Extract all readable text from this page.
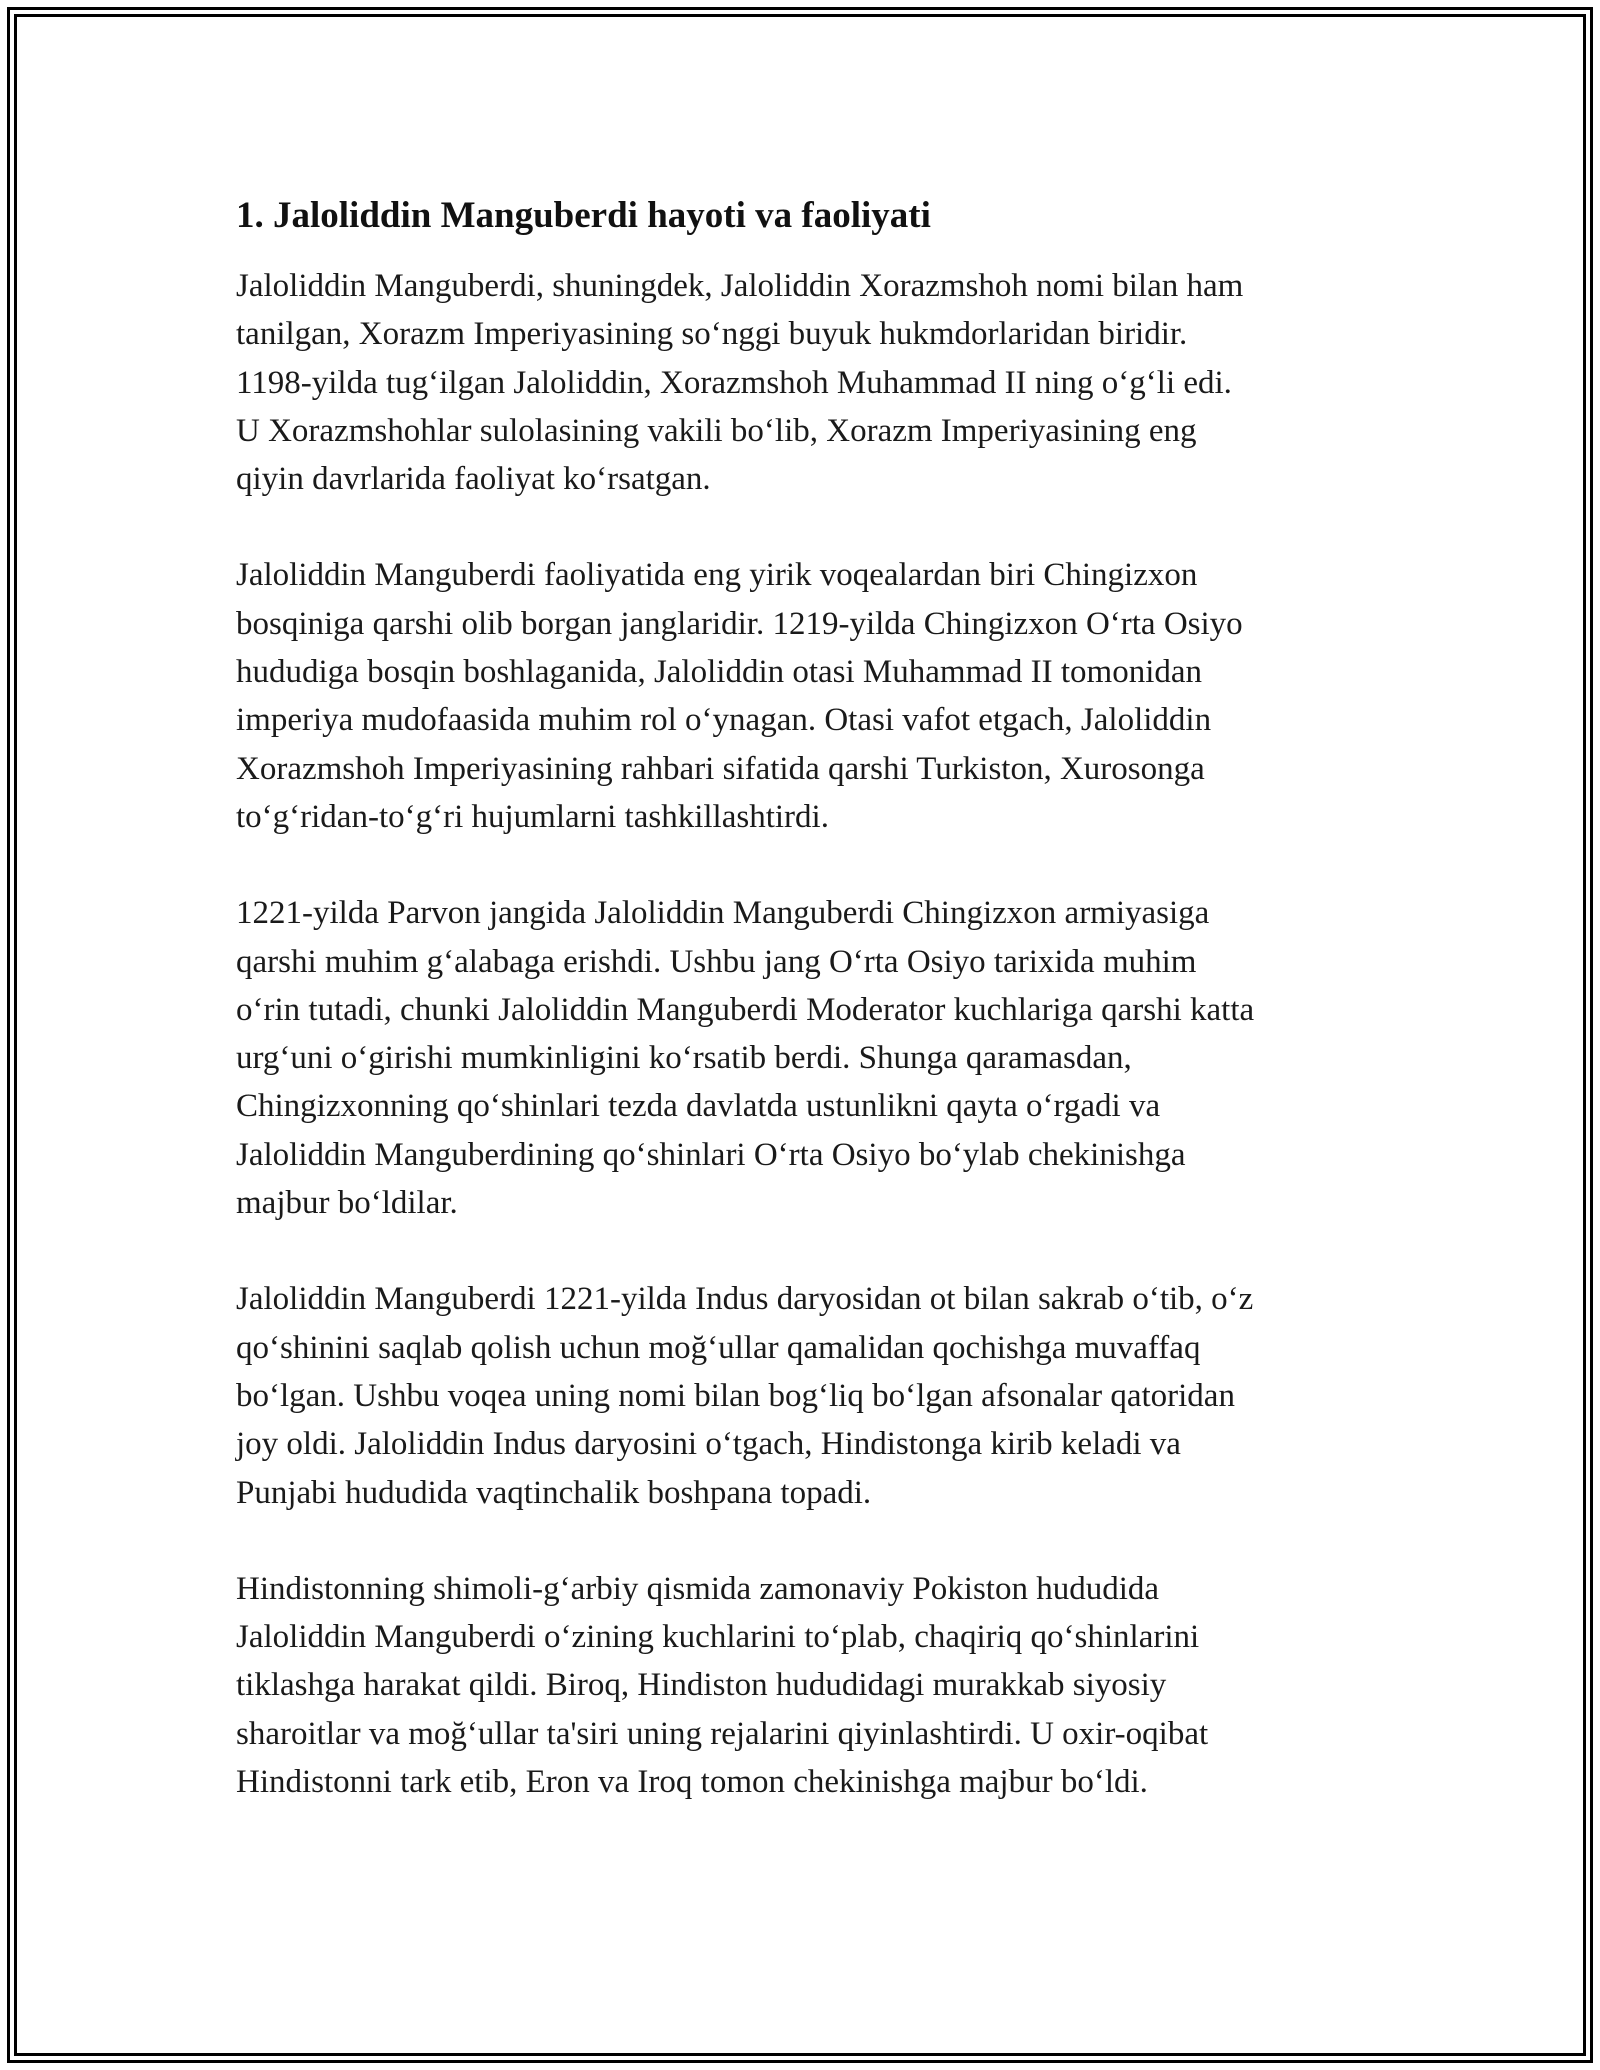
1. Jaloliddin Manguberdi hayoti va faoliyati
Jaloliddin Manguberdi, shuningdek, Jaloliddin Xorazmshoh nomi bilan ham
tanilgan, Xorazm Imperiyasining so‘nggi buyuk hukmdorlaridan biridir.
1198-yilda tug‘ilgan Jaloliddin, Xorazmshoh Muhammad II ning o‘g‘li edi.
U Xorazmshohlar sulolasining vakili bo‘lib, Xorazm Imperiyasining eng
qiyin davrlarida faoliyat ko‘rsatgan.
Jaloliddin Manguberdi faoliyatida eng yirik voqealardan biri Chingizxon
bosqiniga qarshi olib borgan janglaridir. 1219-yilda Chingizxon O‘rta Osiyo
hududiga bosqin boshlaganida, Jaloliddin otasi Muhammad II tomonidan
imperiya mudofaasida muhim rol o‘ynagan. Otasi vafot etgach, Jaloliddin
Xorazmshoh Imperiyasining rahbari sifatida qarshi Turkiston, Xurosonga
to‘g‘ridan-to‘g‘ri hujumlarni tashkillashtirdi.
1221-yilda Parvon jangida Jaloliddin Manguberdi Chingizxon armiyasiga
qarshi muhim g‘alabaga erishdi. Ushbu jang O‘rta Osiyo tarixida muhim
o‘rin tutadi, chunki Jaloliddin Manguberdi Moderator kuchlariga qarshi katta
urg‘uni o‘girishi mumkinligini ko‘rsatib berdi. Shunga qaramasdan,
Chingizxonning qo‘shinlari tezda davlatda ustunlikni qayta o‘rgadi va
Jaloliddin Manguberdining qo‘shinlari O‘rta Osiyo bo‘ylab chekinishga
majbur bo‘ldilar.
Jaloliddin Manguberdi 1221-yilda Indus daryosidan ot bilan sakrab o‘tib, o‘z
qo‘shinini saqlab qolish uchun moğ‘ullar qamalidan qochishga muvaffaq
bo‘lgan. Ushbu voqea uning nomi bilan bog‘liq bo‘lgan afsonalar qatoridan
joy oldi. Jaloliddin Indus daryosini o‘tgach, Hindistonga kirib keladi va
Punjabi hududida vaqtinchalik boshpana topadi.
Hindistonning shimoli-g‘arbiy qismida zamonaviy Pokiston hududida
Jaloliddin Manguberdi o‘zining kuchlarini to‘plab, chaqiriq qo‘shinlarini
tiklashga harakat qildi. Biroq, Hindiston hududidagi murakkab siyosiy
sharoitlar va moğ‘ullar ta'siri uning rejalarini qiyinlashtirdi. U oxir-oqibat
Hindistonni tark etib, Eron va Iroq tomon chekinishga majbur bo‘ldi.
